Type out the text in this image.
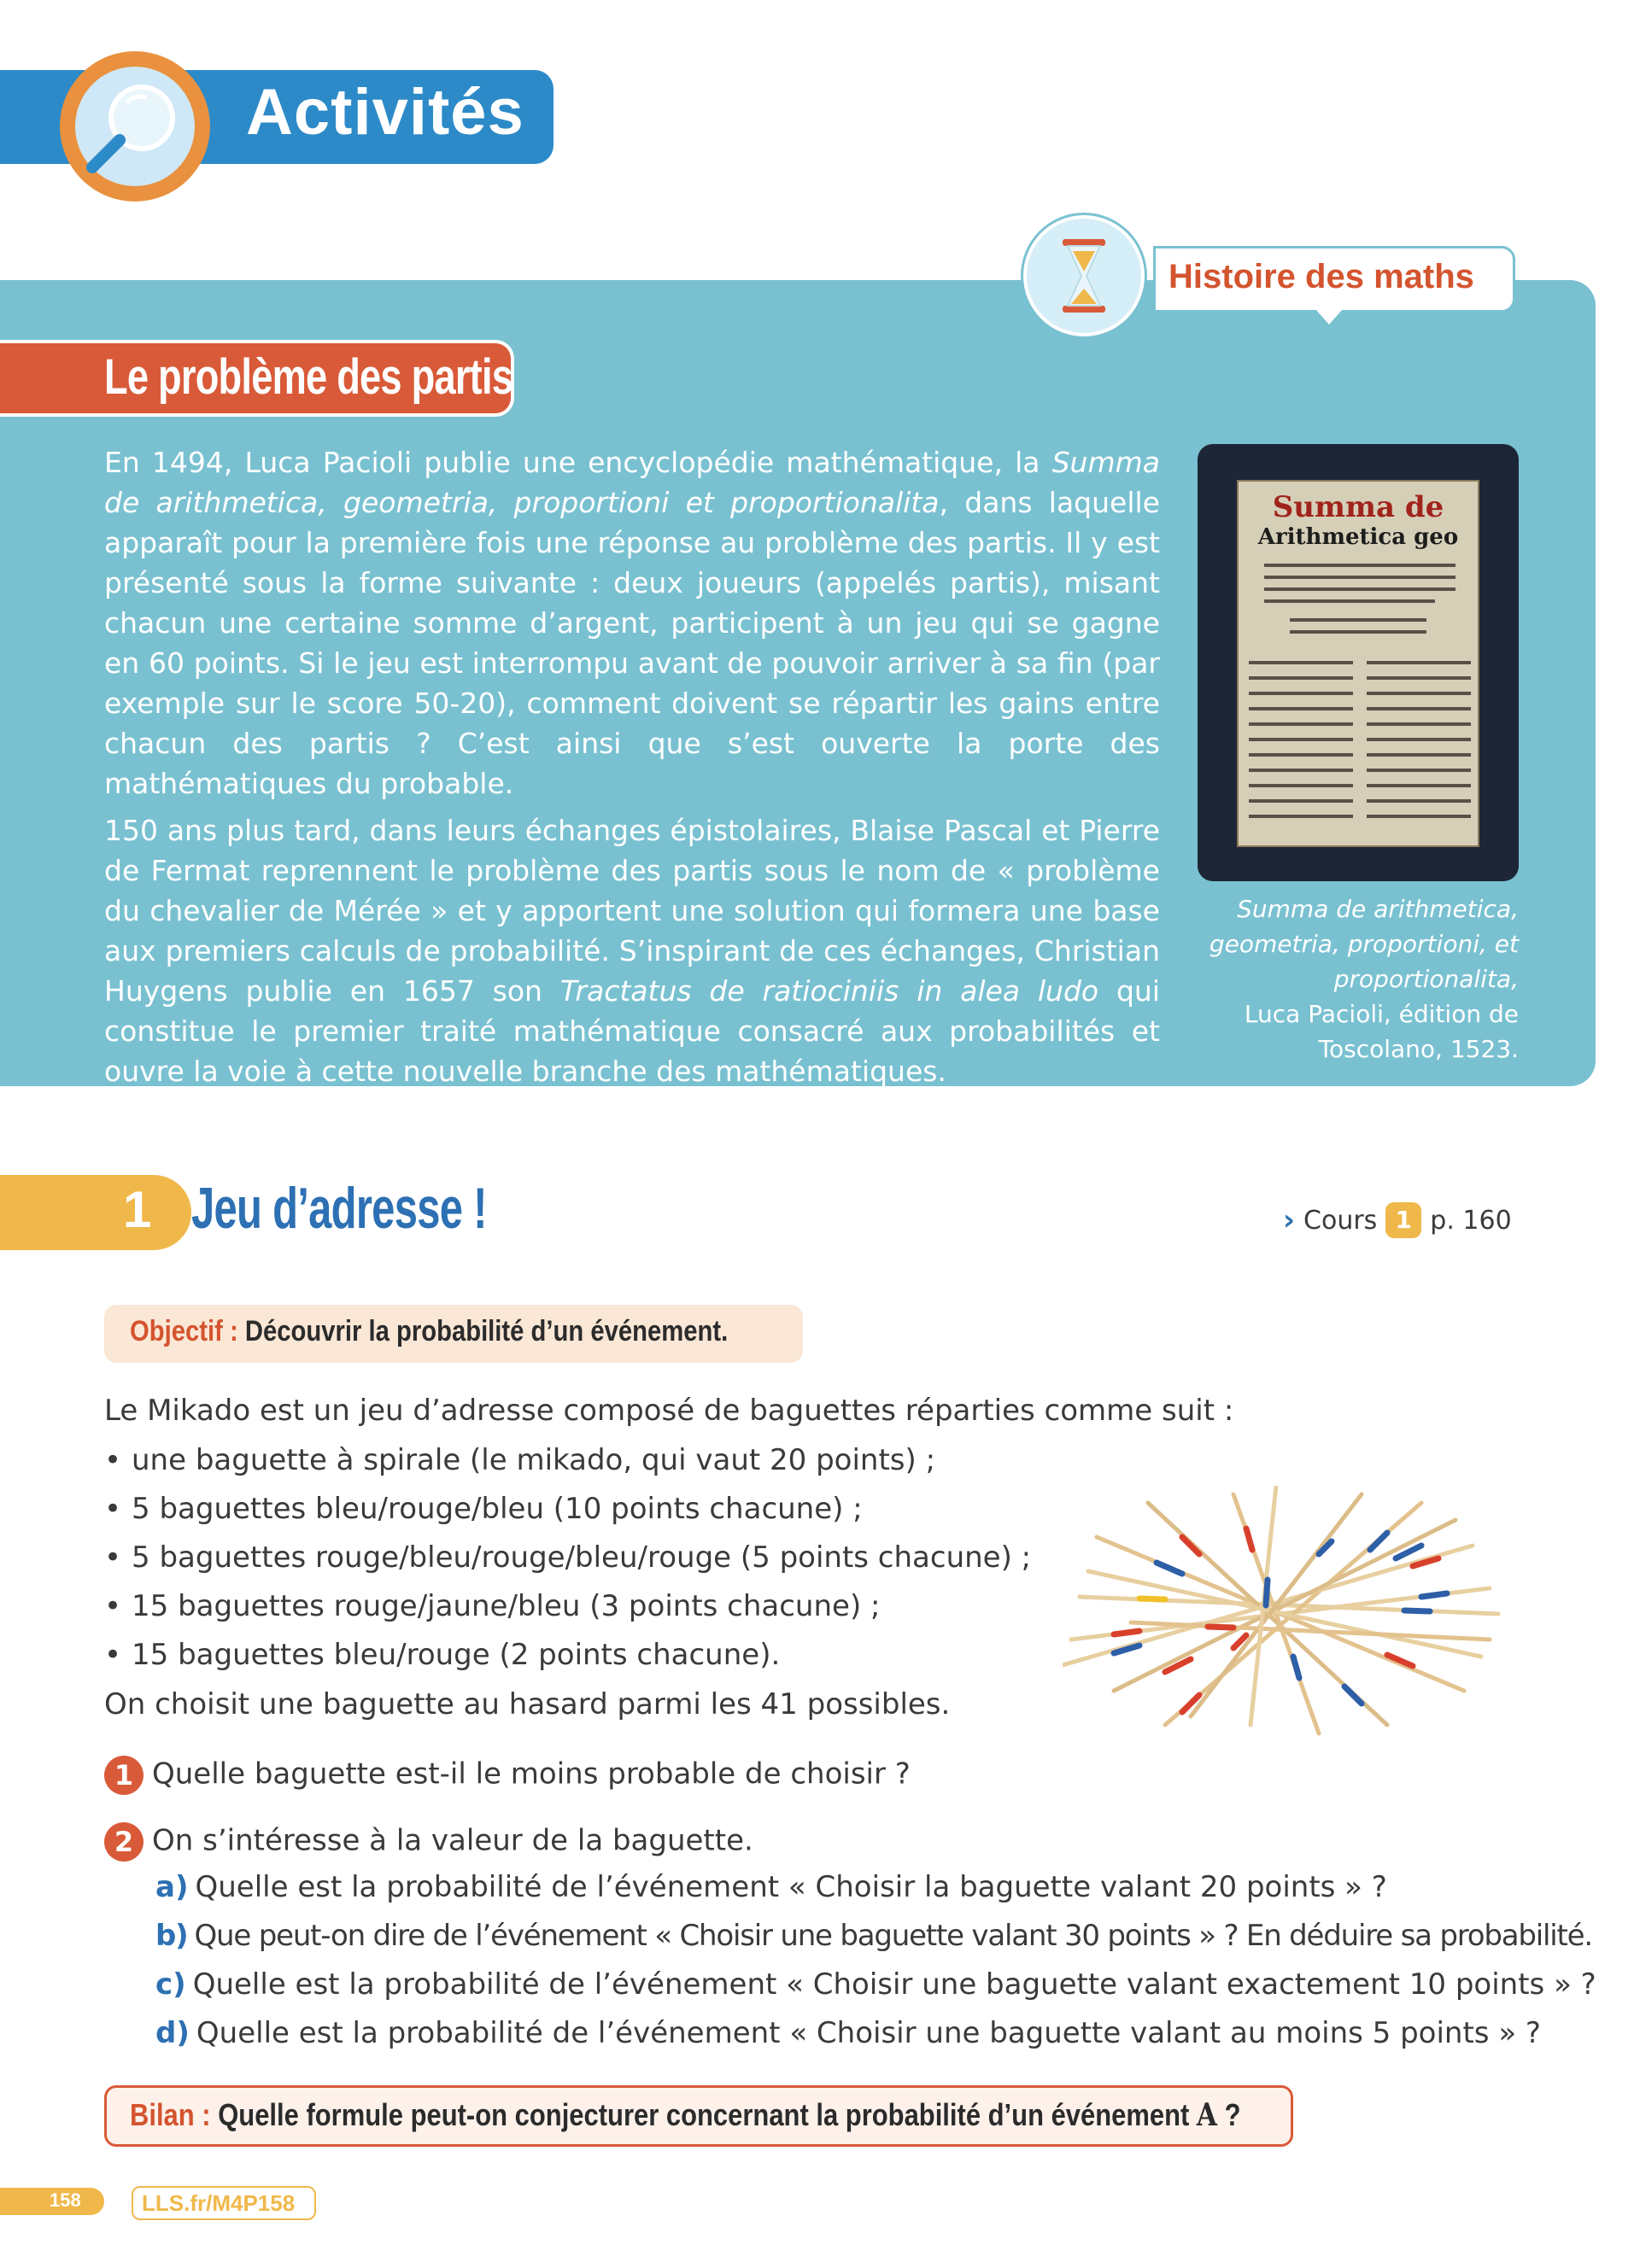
Activités
Histoire des maths
Le problème des partis

En 1494, Luca Pacioli publie une encyclopédie mathématique, la Summa de arithmetica, geometria, proportioni et proportionalita, dans laquelle apparaît pour la première fois une réponse au problème des partis. Il y est présenté sous la forme suivante : deux joueurs (appelés partis), misant chacun une certaine somme d’argent, participent à un jeu qui se gagne en 60 points. Si le jeu est interrompu avant de pouvoir arriver à sa fin (par exemple sur le score 50-20), comment doivent se répartir les gains entre chacun des partis ? C’est ainsi que s’est ouverte la porte des mathématiques du probable.

150 ans plus tard, dans leurs échanges épistolaires, Blaise Pascal et Pierre de Fermat reprennent le problème des partis sous le nom de « problème du chevalier de Mérée » et y apportent une solution qui formera une base aux premiers calculs de probabilité. S’inspirant de ces échanges, Christian Huygens publie en 1657 son Tractatus de ratiociniis in alea ludo qui constitue le premier traité mathématique consacré aux probabilités et ouvre la voie à cette nouvelle branche des mathématiques.

Summa de
Arithmetica geo
Summa de arithmetica, geometria, proportioni, et proportionalita,
Luca Pacioli, édition de Toscolano, 1523.
1 Jeu d’adresse !	› Cours 1 p. 160
Objectif : Découvrir la probabilité d’un événement.
Le Mikado est un jeu d’adresse composé de baguettes réparties comme suit :
• une baguette à spirale (le mikado, qui vaut 20 points) ;
• 5 baguettes bleu/rouge/bleu (10 points chacune) ;
• 5 baguettes rouge/bleu/rouge/bleu/rouge (5 points chacune) ;
• 15 baguettes rouge/jaune/bleu (3 points chacune) ;
• 15 baguettes bleu/rouge (2 points chacune).
On choisit une baguette au hasard parmi les 41 possibles.
1 Quelle baguette est-il le moins probable de choisir ?
2 On s’intéresse à la valeur de la baguette.
a) Quelle est la probabilité de l’événement « Choisir la baguette valant 20 points » ?
b) Que peut-on dire de l’événement « Choisir une baguette valant 30 points » ? En déduire sa probabilité.
c) Quelle est la probabilité de l’événement « Choisir une baguette valant exactement 10 points » ?
d) Quelle est la probabilité de l’événement « Choisir une baguette valant au moins 5 points » ?
Bilan : Quelle formule peut-on conjecturer concernant la probabilité d’un événement A ?
158	LLS.fr/M4P158
